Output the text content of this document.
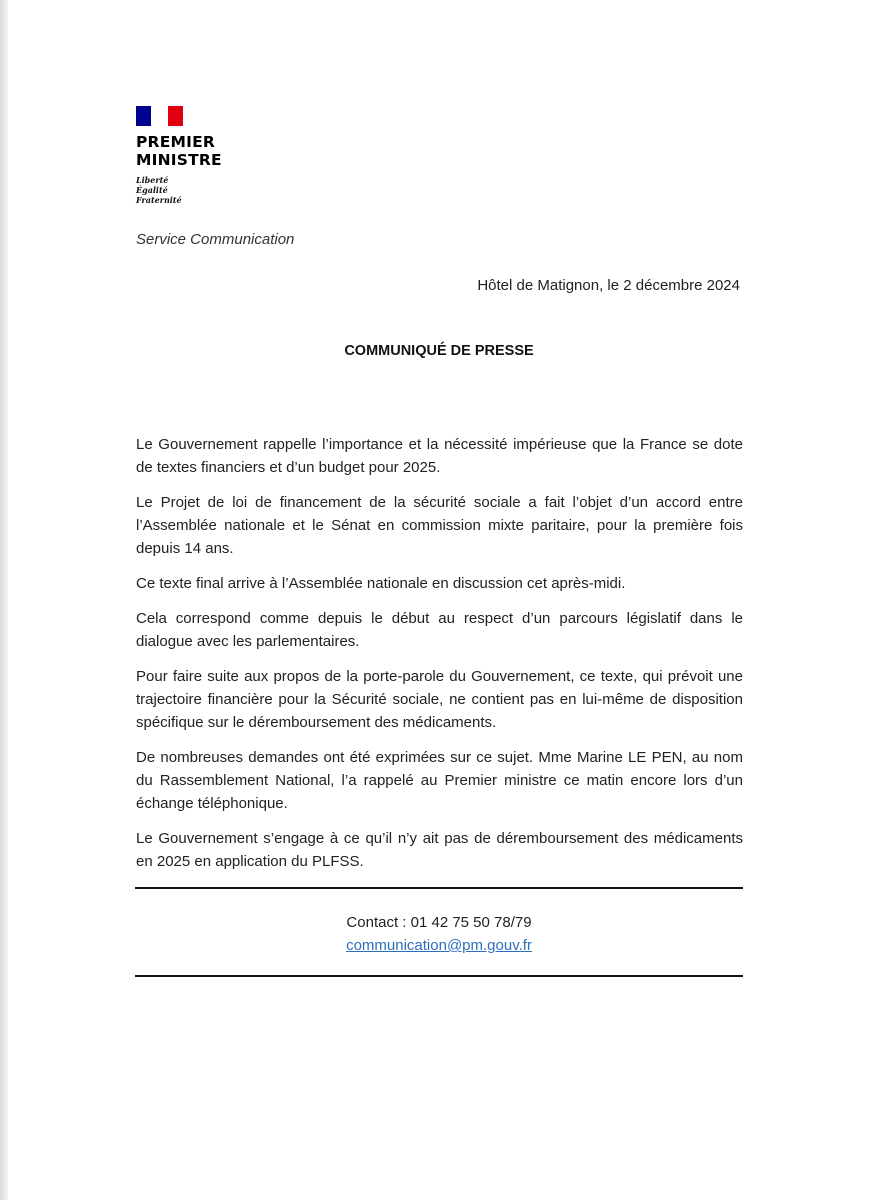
PREMIER
MINISTRE
Liberté
Égalité
Fraternité
Service Communication
Hôtel de Matignon, le 2 décembre 2024
COMMUNIQUÉ DE PRESSE

Le Gouvernement rappelle l’importance et la nécessité impérieuse que la France se dote de textes financiers et d’un budget pour 2025.

Le Projet de loi de financement de la sécurité sociale a fait l’objet d’un accord entre l’Assemblée nationale et le Sénat en commission mixte paritaire, pour la première fois depuis 14 ans.

Ce texte final arrive à l’Assemblée nationale en discussion cet après-midi.

Cela correspond comme depuis le début au respect d’un parcours législatif dans le dialogue avec les parlementaires.

Pour faire suite aux propos de la porte-parole du Gouvernement, ce texte, qui prévoit une trajectoire financière pour la Sécurité sociale, ne contient pas en lui-même de disposition spécifique sur le déremboursement des médicaments.

De nombreuses demandes ont été exprimées sur ce sujet. Mme Marine LE PEN, au nom du Rassemblement National, l’a rappelé au Premier ministre ce matin encore lors d’un échange téléphonique.

Le Gouvernement s’engage à ce qu’il n’y ait pas de déremboursement des médicaments en 2025 en application du PLFSS.

Contact : 01 42 75 50 78/79
communication@pm.gouv.fr
